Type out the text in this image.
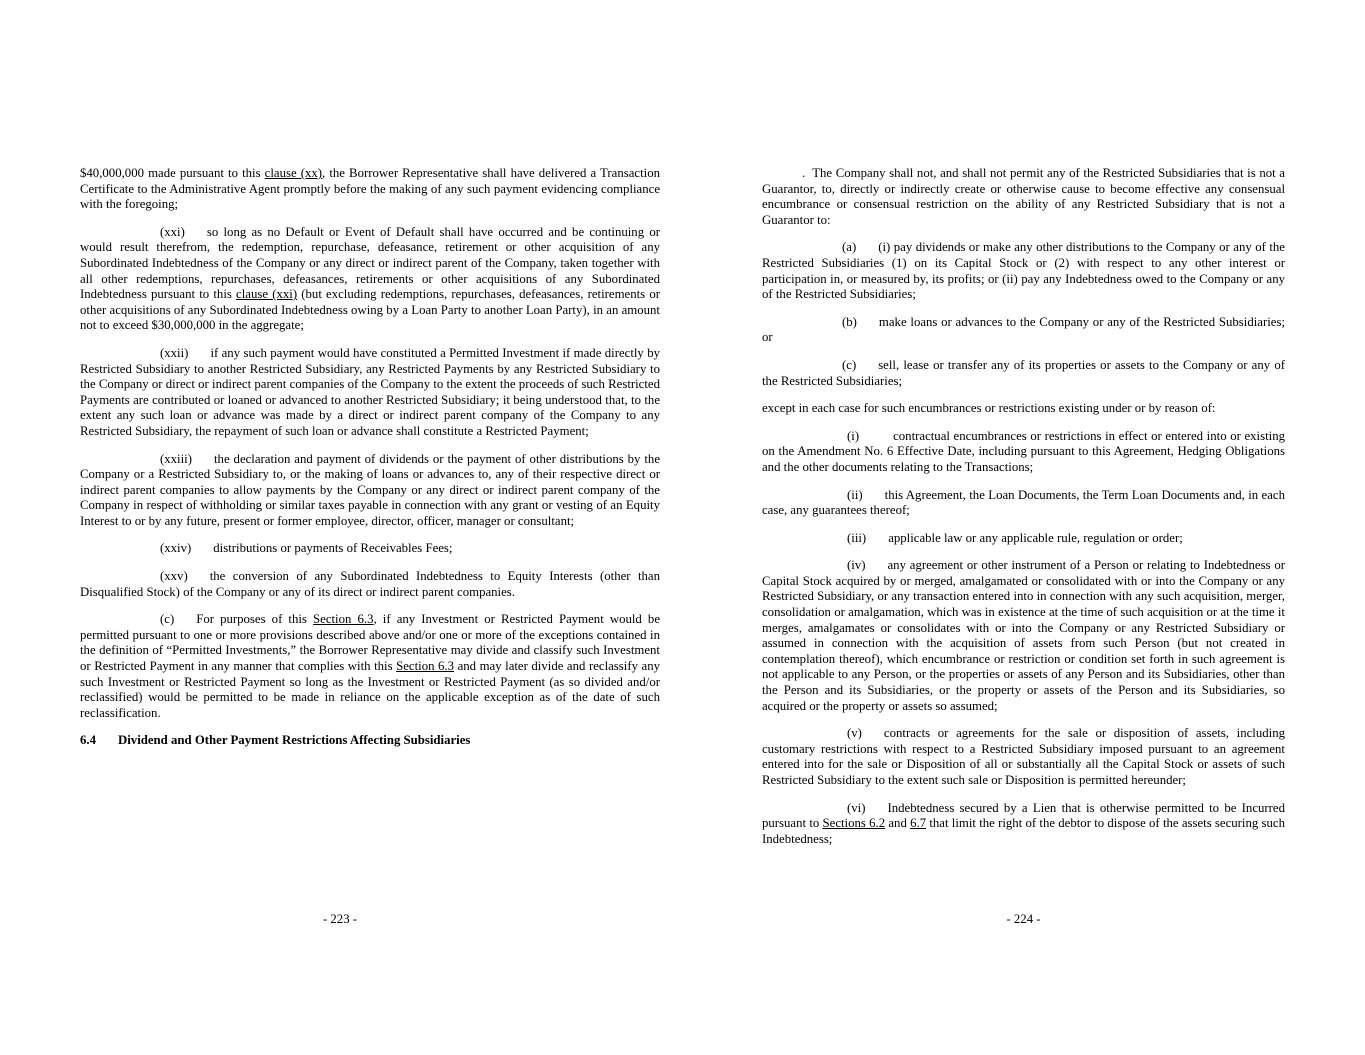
$40,000,000 made pursuant to this clause (xx), the Borrower Representative shall have delivered a Transaction Certificate to the Administrative Agent promptly before the making of any such payment evidencing compliance with the foregoing;

(xxi) so long as no Default or Event of Default shall have occurred and be continuing or would result therefrom, the redemption, repurchase, defeasance, retirement or other acquisition of any Subordinated Indebtedness of the Company or any direct or indirect parent of the Company, taken together with all other redemptions, repurchases, defeasances, retirements or other acquisitions of any Subordinated Indebtedness pursuant to this clause (xxi) (but excluding redemptions, repurchases, defeasances, retirements or other acquisitions of any Subordinated Indebtedness owing by a Loan Party to another Loan Party), in an amount not to exceed $30,000,000 in the aggregate;

(xxii) if any such payment would have constituted a Permitted Investment if made directly by Restricted Subsidiary to another Restricted Subsidiary, any Restricted Payments by any Restricted Subsidiary to the Company or direct or indirect parent companies of the Company to the extent the proceeds of such Restricted Payments are contributed or loaned or advanced to another Restricted Subsidiary; it being understood that, to the extent any such loan or advance was made by a direct or indirect parent company of the Company to any Restricted Subsidiary, the repayment of such loan or advance shall constitute a Restricted Payment;

(xxiii) the declaration and payment of dividends or the payment of other distributions by the Company or a Restricted Subsidiary to, or the making of loans or advances to, any of their respective direct or indirect parent companies to allow payments by the Company or any direct or indirect parent company of the Company in respect of withholding or similar taxes payable in connection with any grant or vesting of an Equity Interest to or by any future, present or former employee, director, officer, manager or consultant;

(xxiv) distributions or payments of Receivables Fees;

(xxv) the conversion of any Subordinated Indebtedness to Equity Interests (other than Disqualified Stock) of the Company or any of its direct or indirect parent companies.

(c) For purposes of this Section 6.3, if any Investment or Restricted Payment would be permitted pursuant to one or more provisions described above and/or one or more of the exceptions contained in the definition of “Permitted Investments,” the Borrower Representative may divide and classify such Investment or Restricted Payment in any manner that complies with this Section 6.3 and may later divide and reclassify any such Investment or Restricted Payment so long as the Investment or Restricted Payment (as so divided and/or reclassified) would be permitted to be made in reliance on the applicable exception as of the date of such reclassification.

6.4 Dividend and Other Payment Restrictions Affecting Subsidiaries

- 223 -

.  The Company shall not, and shall not permit any of the Restricted Subsidiaries that is not a Guarantor, to, directly or indirectly create or otherwise cause to become effective any consensual encumbrance or consensual restriction on the ability of any Restricted Subsidiary that is not a Guarantor to:

(a) (i) pay dividends or make any other distributions to the Company or any of the Restricted Subsidiaries (1) on its Capital Stock or (2) with respect to any other interest or participation in, or measured by, its profits; or (ii) pay any Indebtedness owed to the Company or any of the Restricted Subsidiaries;

(b) make loans or advances to the Company or any of the Restricted Subsidiaries; or

(c) sell, lease or transfer any of its properties or assets to the Company or any of the Restricted Subsidiaries;

except in each case for such encumbrances or restrictions existing under or by reason of:

(i)	contractual encumbrances or restrictions in effect or entered into or existing on the Amendment No. 6 Effective Date, including pursuant to this Agreement, Hedging Obligations and the other documents relating to the Transactions;

(ii) this Agreement, the Loan Documents, the Term Loan Documents and, in each case, any guarantees thereof;

(iii) applicable law or any applicable rule, regulation or order;

(iv) any agreement or other instrument of a Person or relating to Indebtedness or Capital Stock acquired by or merged, amalgamated or consolidated with or into the Company or any Restricted Subsidiary, or any transaction entered into in connection with any such acquisition, merger, consolidation or amalgamation, which was in existence at the time of such acquisition or at the time it merges, amalgamates or consolidates with or into the Company or any Restricted Subsidiary or assumed in connection with the acquisition of assets from such Person (but not created in contemplation thereof), which encumbrance or restriction or condition set forth in such agreement is not applicable to any Person, or the properties or assets of any Person and its Subsidiaries, other than the Person and its Subsidiaries, or the property or assets of the Person and its Subsidiaries, so acquired or the property or assets so assumed;

(v) contracts or agreements for the sale or disposition of assets, including customary restrictions with respect to a Restricted Subsidiary imposed pursuant to an agreement entered into for the sale or Disposition of all or substantially all the Capital Stock or assets of such Restricted Subsidiary to the extent such sale or Disposition is permitted hereunder;

(vi) Indebtedness secured by a Lien that is otherwise permitted to be Incurred pursuant to Sections 6.2 and 6.7 that limit the right of the debtor to dispose of the assets securing such Indebtedness;

- 224 -
